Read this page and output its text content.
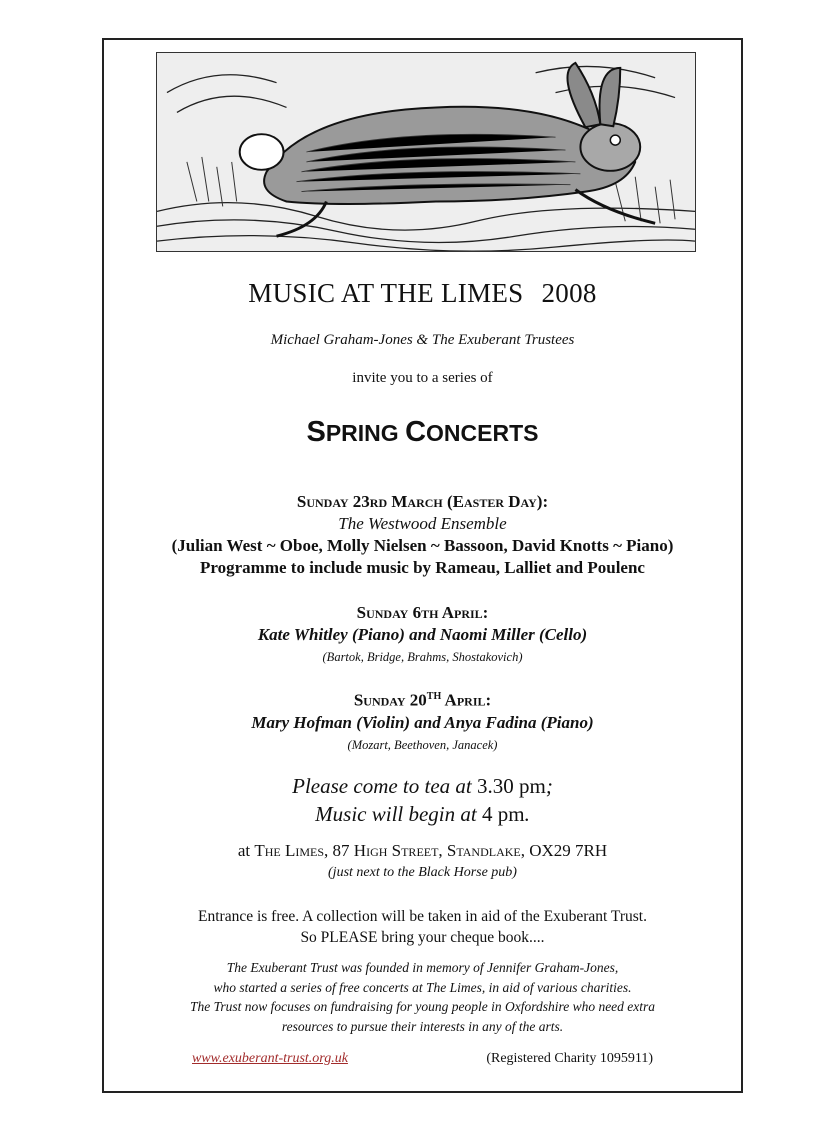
MUSIC AT THE LIMES 2008
Michael Graham-Jones & The Exuberant Trustees
invite you to a series of
SPRING CONCERTS
Sunday 23rd March (Easter Day):
The Westwood Ensemble
(Julian West ~ Oboe, Molly Nielsen ~ Bassoon, David Knotts ~ Piano)
Programme to include music by Rameau, Lalliet and Poulenc
Sunday 6th April:
Kate Whitley (Piano) and Naomi Miller (Cello)
(Bartok, Bridge, Brahms, Shostakovich)
Sunday 20TH April:
Mary Hofman (Violin) and Anya Fadina (Piano)
(Mozart, Beethoven, Janacek)
Please come to tea at 3.30 pm;
Music will begin at 4 pm.
at The Limes, 87 High Street, Standlake, OX29 7RH
(just next to the Black Horse pub)
Entrance is free. A collection will be taken in aid of the Exuberant Trust.
So PLEASE bring your cheque book....
The Exuberant Trust was founded in memory of Jennifer Graham-Jones,
who started a series of free concerts at The Limes, in aid of various charities.
The Trust now focuses on fundraising for young people in Oxfordshire who need extra
resources to pursue their interests in any of the arts.
www.exuberant-trust.org.uk	(Registered Charity 1095911)
